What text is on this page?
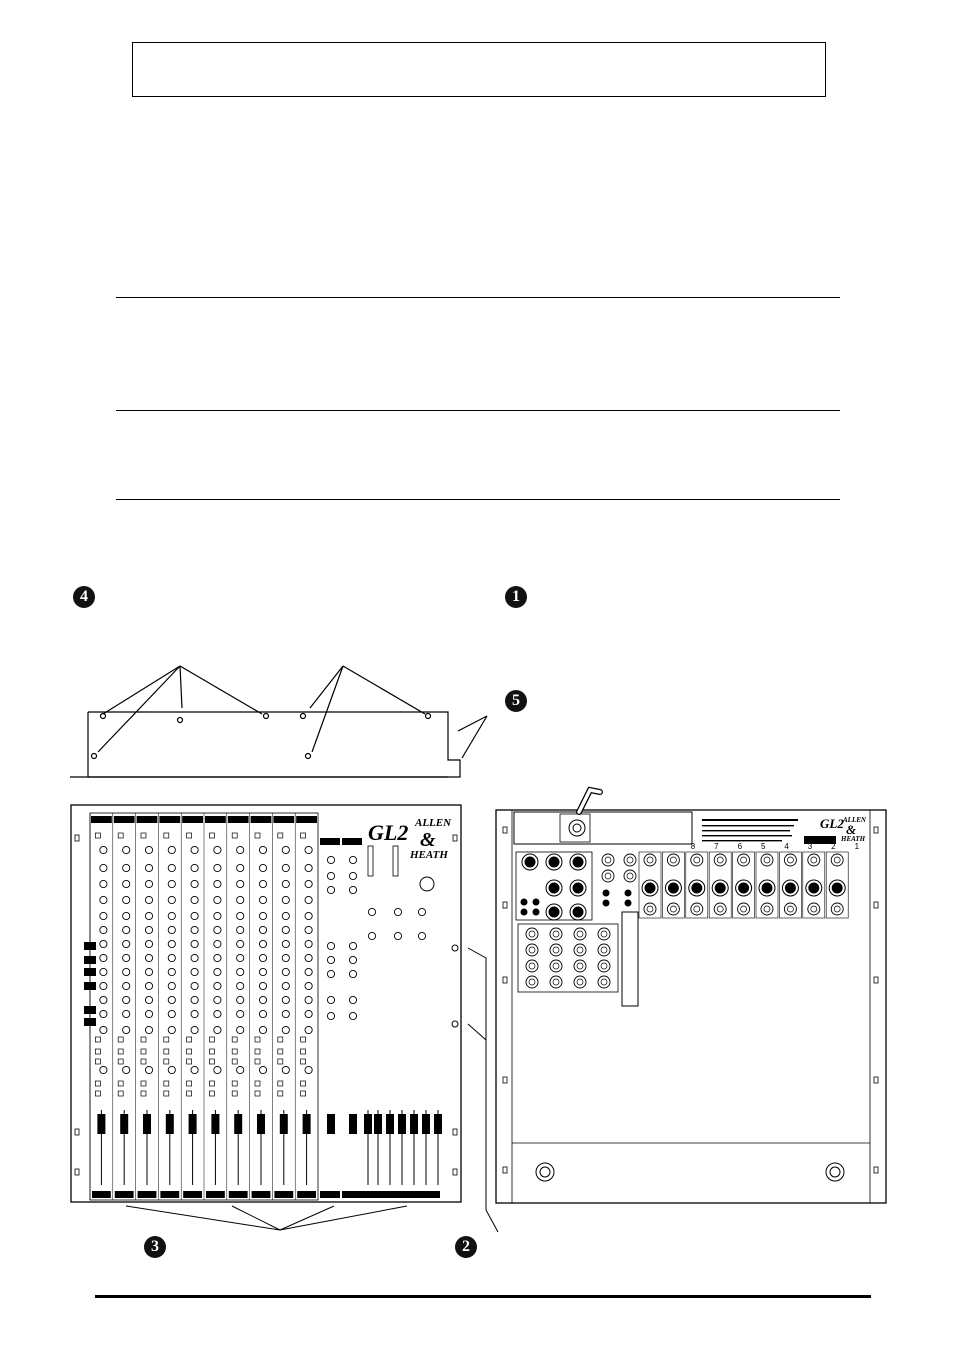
4	1
5
3	2
GL2 ALLEN
&
HEATH
GL2 ALLEN
&
HEATH
8 7 6 5 4 3 2 1
